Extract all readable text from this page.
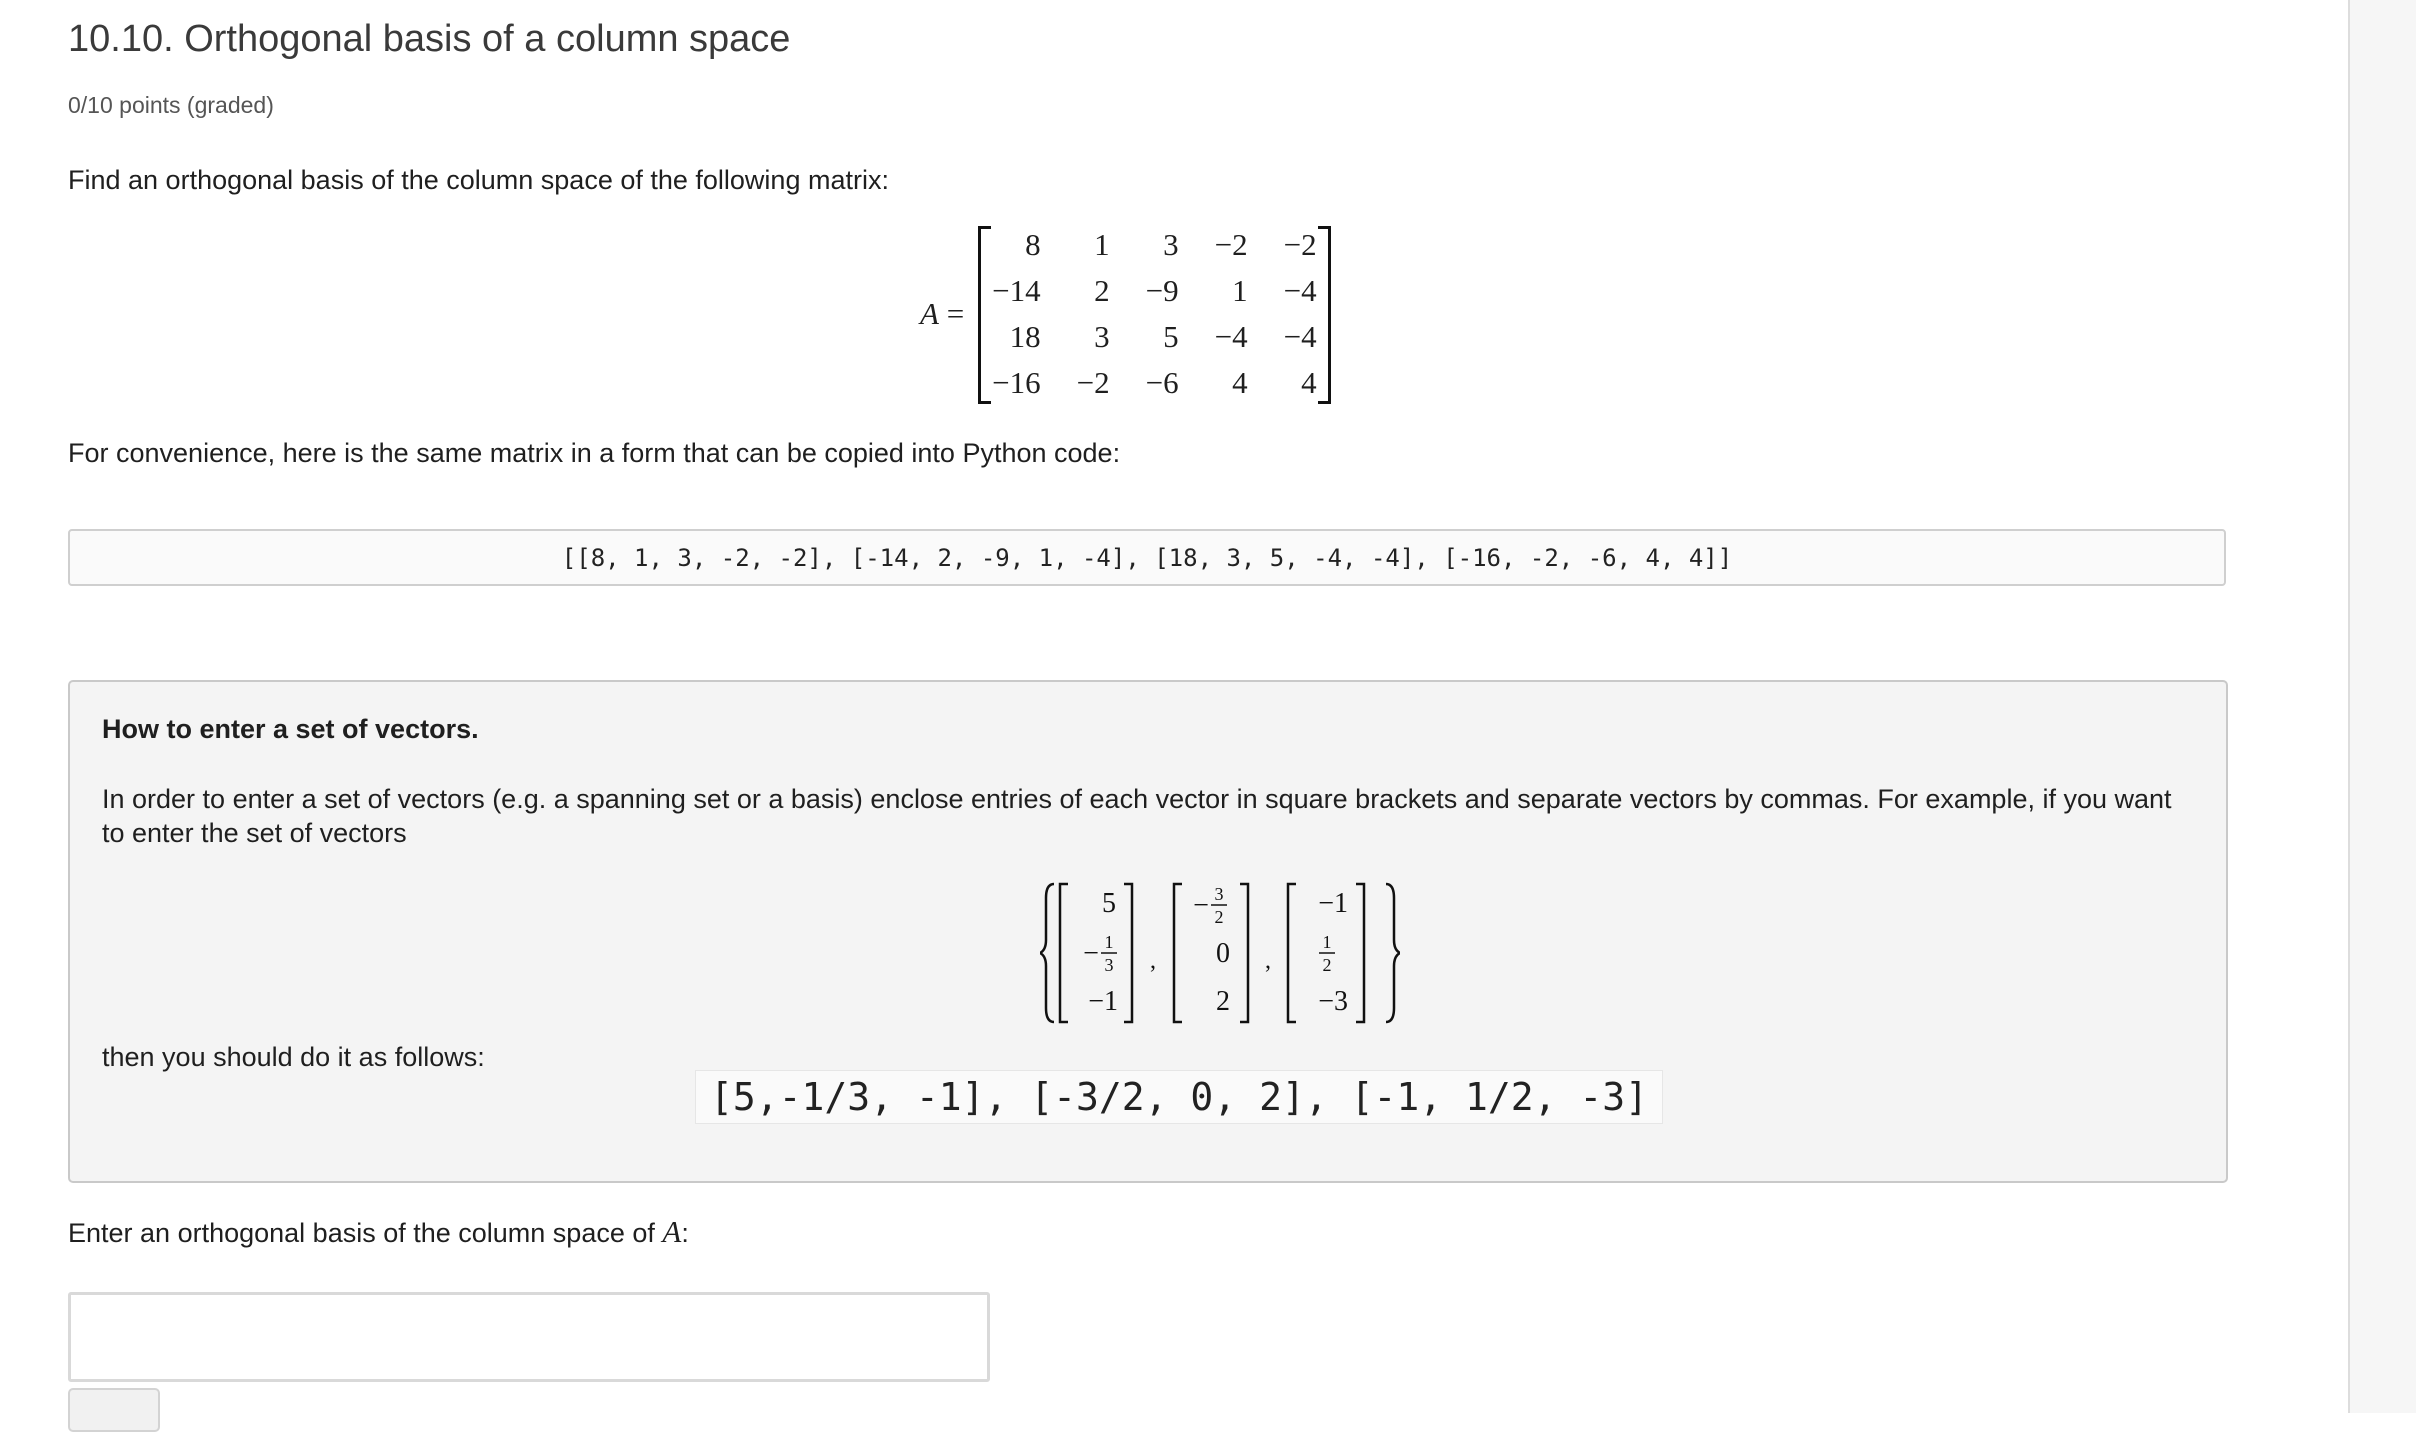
10.10. Orthogonal basis of a column space
0/10 points (graded)
Find an orthogonal basis of the column space of the following matrix:
A =
8	1	3	−2	−2
−14	2	−9	1	−4
18	3	5	−4	−4
−16	−2	−6	4	4
For convenience, here is the same matrix in a form that can be copied into Python code:
[[8, 1, 3, -2, -2], [-14, 2, -9, 1, -4], [18, 3, 5, -4, -4], [-16, -2, -6, 4, 4]]
How to enter a set of vectors.
In order to enter a set of vectors (e.g. a spanning set or a basis) enclose entries of each vector in square brackets and separate vectors by commas. For example, if you want to enter the set of vectors
5
− 1
3
−1
,
− 3
2
0
2
,
−1
1
2
−3
then you should do it as follows:
[5,-1/3, -1], [-3/2, 0, 2], [-1, 1/2, -3]
Enter an orthogonal basis of the column space of A:
